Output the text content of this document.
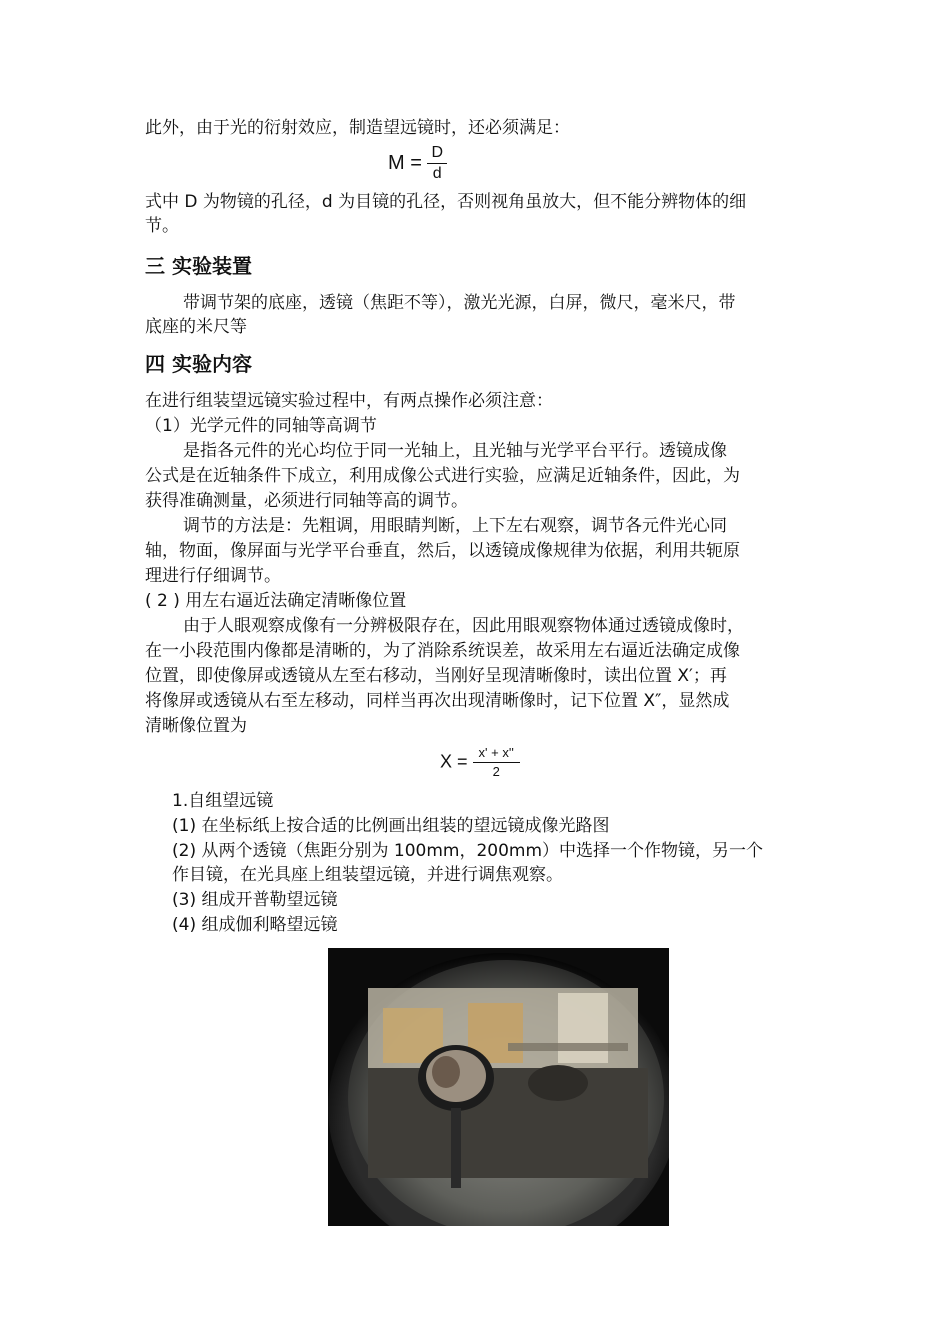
此外，由于光的衍射效应，制造望远镜时，还必须满足：
$M = \frac{D}{d}$
式中 D 为物镜的孔径，d 为目镜的孔径，否则视角虽放大，但不能分辨物体的细
节。
三 实验装置
带调节架的底座，透镜（焦距不等），激光光源，白屏，微尺，毫米尺，带
底座的米尺等
四 实验内容
在进行组装望远镜实验过程中，有两点操作必须注意：
（1）光学元件的同轴等高调节
是指各元件的光心均位于同一光轴上，且光轴与光学平台平行。透镜成像
公式是在近轴条件下成立，利用成像公式进行实验，应满足近轴条件，因此，为
获得准确测量，必须进行同轴等高的调节。
调节的方法是：先粗调，用眼睛判断，上下左右观察，调节各元件光心同
轴，物面，像屏面与光学平台垂直，然后，以透镜成像规律为依据，利用共轭原
理进行仔细调节。
( 2 ) 用左右逼近法确定清晰像位置
由于人眼观察成像有一分辨极限存在，因此用眼观察物体通过透镜成像时，
在一小段范围内像都是清晰的，为了消除系统误差，故采用左右逼近法确定成像
位置，即使像屏或透镜从左至右移动，当刚好呈现清晰像时，读出位置 X′；再
将像屏或透镜从右至左移动，同样当再次出现清晰像时，记下位置 X″，显然成
清晰像位置为
$X = \frac{x' + x''}{2}$
1.自组望远镜
(1) 在坐标纸上按合适的比例画出组装的望远镜成像光路图
(2) 从两个透镜（焦距分别为 100mm，200mm）中选择一个作物镜，另一个
作目镜，在光具座上组装望远镜，并进行调焦观察。
(3) 组成开普勒望远镜
(4) 组成伽利略望远镜
